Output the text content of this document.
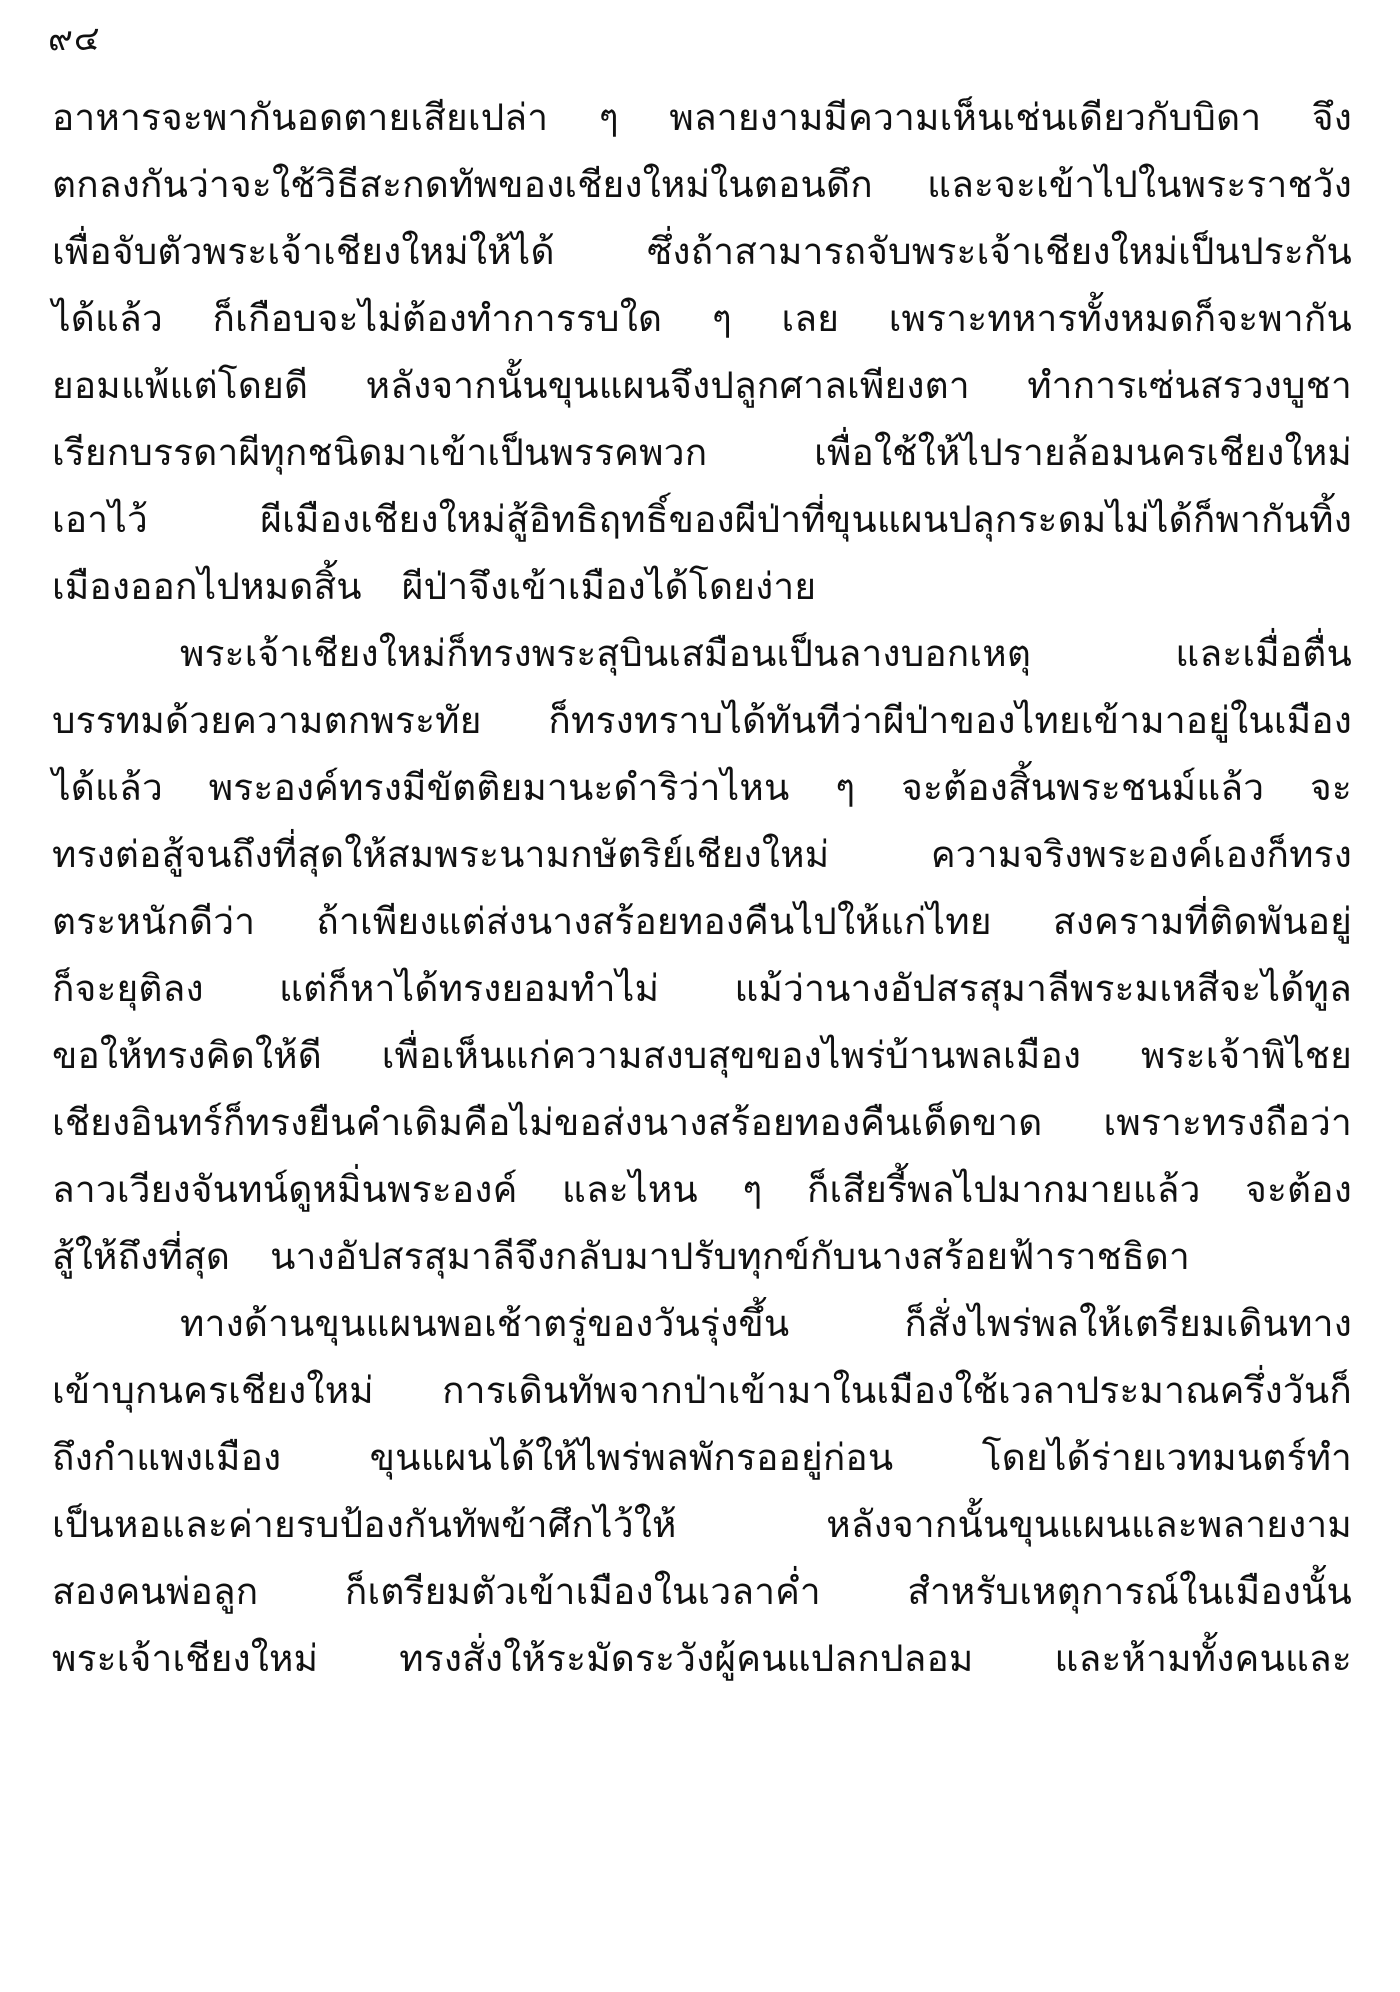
๙๔
อาหารจะพากันอดตายเสียเปล่า ๆ พลายงามมีความเห็นเช่นเดียวกับบิดา จึง
ตกลงกันว่าจะใช้วิธีสะกดทัพของเชียงใหม่ในตอนดึก และจะเข้าไปในพระราชวัง
เพื่อจับตัวพระเจ้าเชียงใหม่ให้ได้ ซึ่งถ้าสามารถจับพระเจ้าเชียงใหม่เป็นประกัน
ได้แล้ว ก็เกือบจะไม่ต้องทำการรบใด ๆ เลย เพราะทหารทั้งหมดก็จะพากัน
ยอมแพ้แต่โดยดี หลังจากนั้นขุนแผนจึงปลูกศาลเพียงตา ทำการเซ่นสรวงบูชา
เรียกบรรดาผีทุกชนิดมาเข้าเป็นพรรคพวก	เพื่อใช้ให้ไปรายล้อมนครเชียงใหม่
เอาไว้	ผีเมืองเชียงใหม่สู้อิทธิฤทธิ์ของผีป่าที่ขุนแผนปลุกระดมไม่ได้ก็พากันทิ้ง
เมืองออกไปหมดสิ้น ผีป่าจึงเข้าเมืองได้โดยง่าย
พระเจ้าเชียงใหม่ก็ทรงพระสุบินเสมือนเป็นลางบอกเหตุ	และเมื่อตื่น
บรรทมด้วยความตกพระทัย ก็ทรงทราบได้ทันทีว่าผีป่าของไทยเข้ามาอยู่ในเมือง
ได้แล้ว พระองค์ทรงมีขัตติยมานะดำริว่าไหน ๆ จะต้องสิ้นพระชนม์แล้ว จะ
ทรงต่อสู้จนถึงที่สุดให้สมพระนามกษัตริย์เชียงใหม่	ความจริงพระองค์เองก็ทรง
ตระหนักดีว่า ถ้าเพียงแต่ส่งนางสร้อยทองคืนไปให้แก่ไทย สงครามที่ติดพันอยู่
ก็จะยุติลง แต่ก็หาได้ทรงยอมทำไม่ แม้ว่านางอัปสรสุมาลีพระมเหสีจะได้ทูล
ขอให้ทรงคิดให้ดี เพื่อเห็นแก่ความสงบสุขของไพร่บ้านพลเมือง พระเจ้าพิไชย
เชียงอินทร์ก็ทรงยืนคำเดิมคือไม่ขอส่งนางสร้อยทองคืนเด็ดขาด เพราะทรงถือว่า
ลาวเวียงจันทน์ดูหมิ่นพระองค์ และไหน ๆ ก็เสียรี้พลไปมากมายแล้ว จะต้อง
สู้ให้ถึงที่สุด นางอัปสรสุมาลีจึงกลับมาปรับทุกข์กับนางสร้อยฟ้าราชธิดา
ทางด้านขุนแผนพอเช้าตรู่ของวันรุ่งขึ้น	ก็สั่งไพร่พลให้เตรียมเดินทาง
เข้าบุกนครเชียงใหม่ การเดินทัพจากป่าเข้ามาในเมืองใช้เวลาประมาณครึ่งวันก็
ถึงกำแพงเมือง ขุนแผนได้ให้ไพร่พลพักรออยู่ก่อน โดยได้ร่ายเวทมนตร์ทำ
เป็นหอและค่ายรบป้องกันทัพข้าศึกไว้ให้	หลังจากนั้นขุนแผนและพลายงาม
สองคนพ่อลูก ก็เตรียมตัวเข้าเมืองในเวลาค่ำ สำหรับเหตุการณ์ในเมืองนั้น
พระเจ้าเชียงใหม่ ทรงสั่งให้ระมัดระวังผู้คนแปลกปลอม และห้ามทั้งคนและ
